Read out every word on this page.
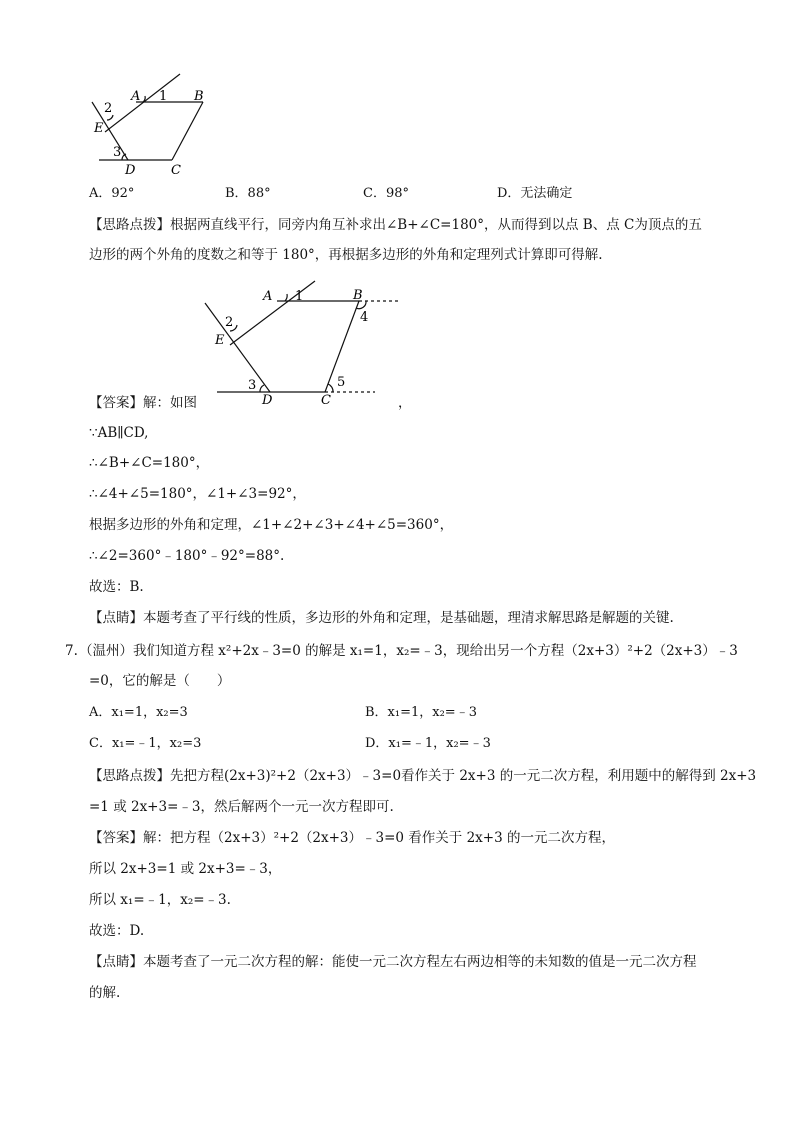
A 1 B
2
E
3
D	C
A．92°	B．88°	C．98°	D．无法确定
【思路点拨】根据两直线平行，同旁内角互补求出∠B+∠C=180°，从而得到以点 B、点 C为顶点的五
边形的两个外角的度数之和等于 180°，再根据多边形的外角和定理列式计算即可得解.
A 1	B
4
2
E
3	5
D	C
【答案】解：如图	，
∵AB∥CD,
∴∠B+∠C=180°，
∴∠4+∠5=180°，∠1+∠3=92°，
根据多边形的外角和定理，∠1+∠2+∠3+∠4+∠5=360°，
∴∠2=360°﹣180°﹣92°=88°.
故选：B.
【点睛】本题考查了平行线的性质，多边形的外角和定理，是基础题，理清求解思路是解题的关键.
7. （温州）我们知道方程 x²+2x﹣3=0 的解是 x₁=1，x₂=﹣3，现给出另一个方程（2x+3）²+2（2x+3）﹣3
=0，它的解是（　　）
A．x₁=1，x₂=3	B．x₁=1，x₂=﹣3
C．x₁=﹣1，x₂=3	D．x₁=﹣1，x₂=﹣3
【思路点拨】先把方程(2x+3)²+2（2x+3）﹣3=0看作关于 2x+3 的一元二次方程，利用题中的解得到 2x+3
=1 或 2x+3=﹣3，然后解两个一元一次方程即可.
【答案】解：把方程（2x+3）²+2（2x+3）﹣3=0 看作关于 2x+3 的一元二次方程，
所以 2x+3=1 或 2x+3=﹣3，
所以 x₁=﹣1，x₂=﹣3.
故选：D.
【点睛】本题考查了一元二次方程的解：能使一元二次方程左右两边相等的未知数的值是一元二次方程
的解.
